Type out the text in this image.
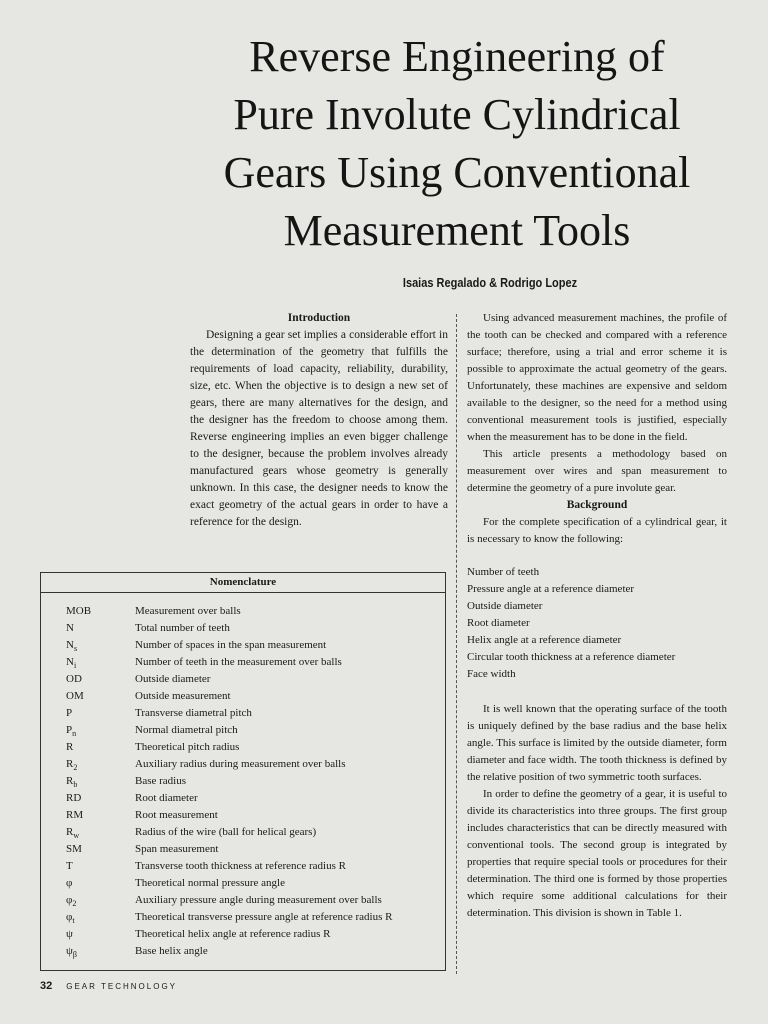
Reverse Engineering of
Pure Involute Cylindrical
Gears Using Conventional
Measurement Tools
Isaias Regalado & Rodrigo Lopez
Introduction

Designing a gear set implies a considerable effort in the determination of the geometry that fulfills the requirements of load capacity, reliability, durability, size, etc. When the objective is to design a new set of gears, there are many alternatives for the design, and the designer has the freedom to choose among them. Reverse engineering implies an even bigger challenge to the designer, because the problem involves already manufactured gears whose geometry is generally unknown. In this case, the designer needs to know the exact geometry of the actual gears in order to have a reference for the design.

Using advanced measurement machines, the profile of the tooth can be checked and compared with a reference surface; therefore, using a trial and error scheme it is possible to approximate the actual geometry of the gears. Unfortunately, these machines are expensive and seldom available to the designer, so the need for a method using conventional measurement tools is justified, especially when the measurement has to be done in the field.

This article presents a methodology based on measurement over wires and span measurement to determine the geometry of a pure involute gear.

Background

For the complete specification of a cylindrical gear, it is necessary to know the following:

Number of teeth
Pressure angle at a reference diameter
Outside diameter
Root diameter
Helix angle at a reference diameter
Circular tooth thickness at a reference diameter
Face width

It is well known that the operating surface of the tooth is uniquely defined by the base radius and the base helix angle. This surface is limited by the outside diameter, form diameter and face width. The tooth thickness is defined by the relative position of two symmetric tooth surfaces.

In order to define the geometry of a gear, it is useful to divide its characteristics into three groups. The first group includes characteristics that can be directly measured with conventional tools. The second group is integrated by properties that require special tools or procedures for their determination. The third one is formed by those properties which require some additional calculations for their determination. This division is shown in Table 1.

Nomenclature
MOB	Measurement over balls
N	Total number of teeth
$N_s$	Number of spaces in the span measurement
$N_i$	Number of teeth in the measurement over balls
OD	Outside diameter
OM	Outside measurement
P	Transverse diametral pitch
$P_n$	Normal diametral pitch
R	Theoretical pitch radius
$R_2$	Auxiliary radius during measurement over balls
$R_b$	Base radius
RD	Root diameter
RM	Root measurement
$R_w$	Radius of the wire (ball for helical gears)
SM	Span measurement
T	Transverse tooth thickness at reference radius R
φ	Theoretical normal pressure angle
$\varphi_2$	Auxiliary pressure angle during measurement over balls
$\varphi_t$	Theoretical transverse pressure angle at reference radius R
ψ	Theoretical helix angle at reference radius R
$\psi_\beta$	Base helix angle
32 GEAR TECHNOLOGY
